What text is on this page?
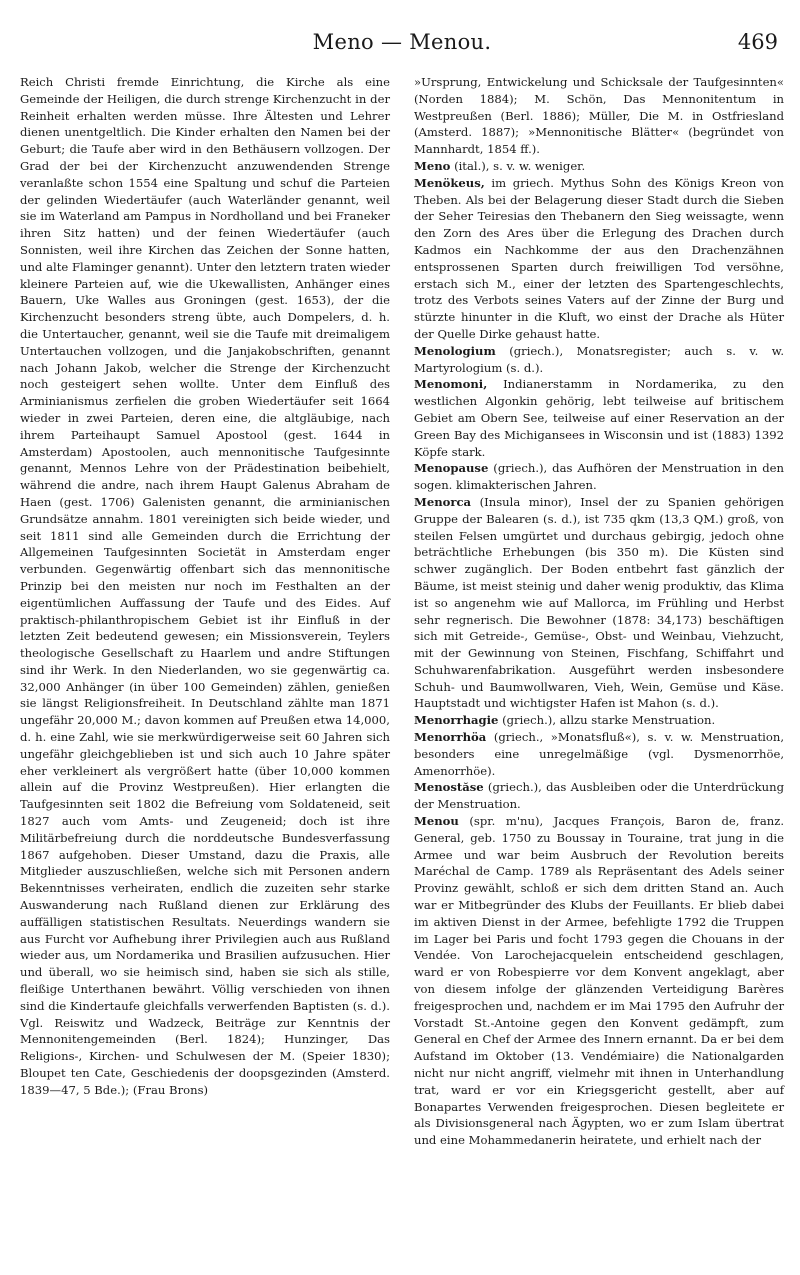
Meno — Menou.	469

Reich Christi fremde Einrichtung, die Kirche als eine Gemeinde der Heiligen, die durch strenge Kirchenzucht in der Reinheit erhalten werden müsse. Ihre Ältesten und Lehrer dienen unentgeltlich. Die Kinder erhalten den Namen bei der Geburt; die Taufe aber wird in den Bethäusern vollzogen. Der Grad der bei der Kirchenzucht anzuwendenden Strenge veranlaßte schon 1554 eine Spaltung und schuf die Parteien der gelinden Wiedertäufer (auch Waterländer genannt, weil sie im Waterland am Pampus in Nordholland und bei Franeker ihren Sitz hatten) und der feinen Wiedertäufer (auch Sonnisten, weil ihre Kirchen das Zeichen der Sonne hatten, und alte Flaminger genannt). Unter den letztern traten wieder kleinere Parteien auf, wie die Ukewallisten, Anhänger eines Bauern, Uke Walles aus Groningen (gest. 1653), der die Kirchenzucht besonders streng übte, auch Dompelers, d. h. die Untertaucher, genannt, weil sie die Taufe mit dreimaligem Untertauchen vollzogen, und die Janjakobschriften, genannt nach Johann Jakob, welcher die Strenge der Kirchenzucht noch gesteigert sehen wollte. Unter dem Einfluß des Arminianismus zerfielen die groben Wiedertäufer seit 1664 wieder in zwei Parteien, deren eine, die altgläubige, nach ihrem Parteihaupt Samuel Apostool (gest. 1644 in Amsterdam) Apostoolen, auch mennonitische Taufgesinnte genannt, Mennos Lehre von der Prädestination beibehielt, während die andre, nach ihrem Haupt Galenus Abraham de Haen (gest. 1706) Galenisten genannt, die arminianischen Grundsätze annahm. 1801 vereinigten sich beide wieder, und seit 1811 sind alle Gemeinden durch die Errichtung der Allgemeinen Taufgesinnten Societät in Amsterdam enger verbunden. Gegenwärtig offenbart sich das mennonitische Prinzip bei den meisten nur noch im Festhalten an der eigentümlichen Auffassung der Taufe und des Eides. Auf praktisch-philanthropischem Gebiet ist ihr Einfluß in der letzten Zeit bedeutend gewesen; ein Missionsverein, Teylers theologische Gesellschaft zu Haarlem und andre Stiftungen sind ihr Werk. In den Niederlanden, wo sie gegenwärtig ca. 32,000 Anhänger (in über 100 Gemeinden) zählen, genießen sie längst Religionsfreiheit. In Deutschland zählte man 1871 ungefähr 20,000 M.; davon kommen auf Preußen etwa 14,000, d. h. eine Zahl, wie sie merkwürdigerweise seit 60 Jahren sich ungefähr gleichgeblieben ist und sich auch 10 Jahre später eher verkleinert als vergrößert hatte (über 10,000 kommen allein auf die Provinz Westpreußen). Hier erlangten die Taufgesinnten seit 1802 die Befreiung vom Soldateneid, seit 1827 auch vom Amts- und Zeugeneid; doch ist ihre Militärbefreiung durch die norddeutsche Bundesverfassung 1867 aufgehoben. Dieser Umstand, dazu die Praxis, alle Mitglieder auszuschließen, welche sich mit Personen andern Bekenntnisses verheiraten, endlich die zuzeiten sehr starke Auswanderung nach Rußland dienen zur Erklärung des auffälligen statistischen Resultats. Neuerdings wandern sie aus Furcht vor Aufhebung ihrer Privilegien auch aus Rußland wieder aus, um Nordamerika und Brasilien aufzusuchen. Hier und überall, wo sie heimisch sind, haben sie sich als stille, fleißige Unterthanen bewährt. Völlig verschieden von ihnen sind die Kindertaufe gleichfalls verwerfenden Baptisten (s. d.). Vgl. Reiswitz und Wadzeck, Beiträge zur Kenntnis der Mennonitengemeinden (Berl. 1824); Hunzinger, Das Religions-, Kirchen- und Schulwesen der M. (Speier 1830); Bloupet ten Cate, Geschiedenis der doopsgezinden (Amsterd. 1839—47, 5 Bde.); (Frau Brons)

»Ursprung, Entwickelung und Schicksale der Taufgesinnten« (Norden 1884); M. Schön, Das Mennonitentum in Westpreußen (Berl. 1886); Müller, Die M. in Ostfriesland (Amsterd. 1887); »Mennonitische Blätter« (begründet von Mannhardt, 1854 ff.).

Meno (ital.), s. v. w. weniger.

Menökeus, im griech. Mythus Sohn des Königs Kreon von Theben. Als bei der Belagerung dieser Stadt durch die Sieben der Seher Teiresias den Thebanern den Sieg weissagte, wenn den Zorn des Ares über die Erlegung des Drachen durch Kadmos ein Nachkomme der aus den Drachenzähnen entsprossenen Sparten durch freiwilligen Tod versöhne, erstach sich M., einer der letzten des Spartengeschlechts, trotz des Verbots seines Vaters auf der Zinne der Burg und stürzte hinunter in die Kluft, wo einst der Drache als Hüter der Quelle Dirke gehaust hatte.

Menologium (griech.), Monatsregister; auch s. v. w. Martyrologium (s. d.).

Menomoni, Indianerstamm in Nordamerika, zu den westlichen Algonkin gehörig, lebt teilweise auf britischem Gebiet am Obern See, teilweise auf einer Reservation an der Green Bay des Michigansees in Wisconsin und ist (1883) 1392 Köpfe stark.

Menopause (griech.), das Aufhören der Menstruation in den sogen. klimakterischen Jahren.

Menorca (Insula minor), Insel der zu Spanien gehörigen Gruppe der Balearen (s. d.), ist 735 qkm (13,3 QM.) groß, von steilen Felsen umgürtet und durchaus gebirgig, jedoch ohne beträchtliche Erhebungen (bis 350 m). Die Küsten sind schwer zugänglich. Der Boden entbehrt fast gänzlich der Bäume, ist meist steinig und daher wenig produktiv, das Klima ist so angenehm wie auf Mallorca, im Frühling und Herbst sehr regnerisch. Die Bewohner (1878: 34,173) beschäftigen sich mit Getreide-, Gemüse-, Obst- und Weinbau, Viehzucht, mit der Gewinnung von Steinen, Fischfang, Schiffahrt und Schuhwarenfabrikation. Ausgeführt werden insbesondere Schuh- und Baumwollwaren, Vieh, Wein, Gemüse und Käse. Hauptstadt und wichtigster Hafen ist Mahon (s. d.).

Menorrhagie (griech.), allzu starke Menstruation.

Menorrhöa (griech., »Monatsfluß«), s. v. w. Menstruation, besonders eine unregelmäßige (vgl. Dysmenorrhöe, Amenorrhöe).

Menostăse (griech.), das Ausbleiben oder die Unterdrückung der Menstruation.

Menou (spr. m'nu), Jacques François, Baron de, franz. General, geb. 1750 zu Boussay in Touraine, trat jung in die Armee und war beim Ausbruch der Revolution bereits Maréchal de Camp. 1789 als Repräsentant des Adels seiner Provinz gewählt, schloß er sich dem dritten Stand an. Auch war er Mitbegründer des Klubs der Feuillants. Er blieb dabei im aktiven Dienst in der Armee, befehligte 1792 die Truppen im Lager bei Paris und focht 1793 gegen die Chouans in der Vendée. Von Larochejacquelein entscheidend geschlagen, ward er von Robespierre vor dem Konvent angeklagt, aber von diesem infolge der glänzenden Verteidigung Barères freigesprochen und, nachdem er im Mai 1795 den Aufruhr der Vorstadt St.-Antoine gegen den Konvent gedämpft, zum General en Chef der Armee des Innern ernannt. Da er bei dem Aufstand im Oktober (13. Vendémiaire) die Nationalgarden nicht nur nicht angriff, vielmehr mit ihnen in Unterhandlung trat, ward er vor ein Kriegsgericht gestellt, aber auf Bonapartes Verwenden freigesprochen. Diesen begleitete er als Divisionsgeneral nach Ägypten, wo er zum Islam übertrat und eine Mohammedanerin heiratete, und erhielt nach der
